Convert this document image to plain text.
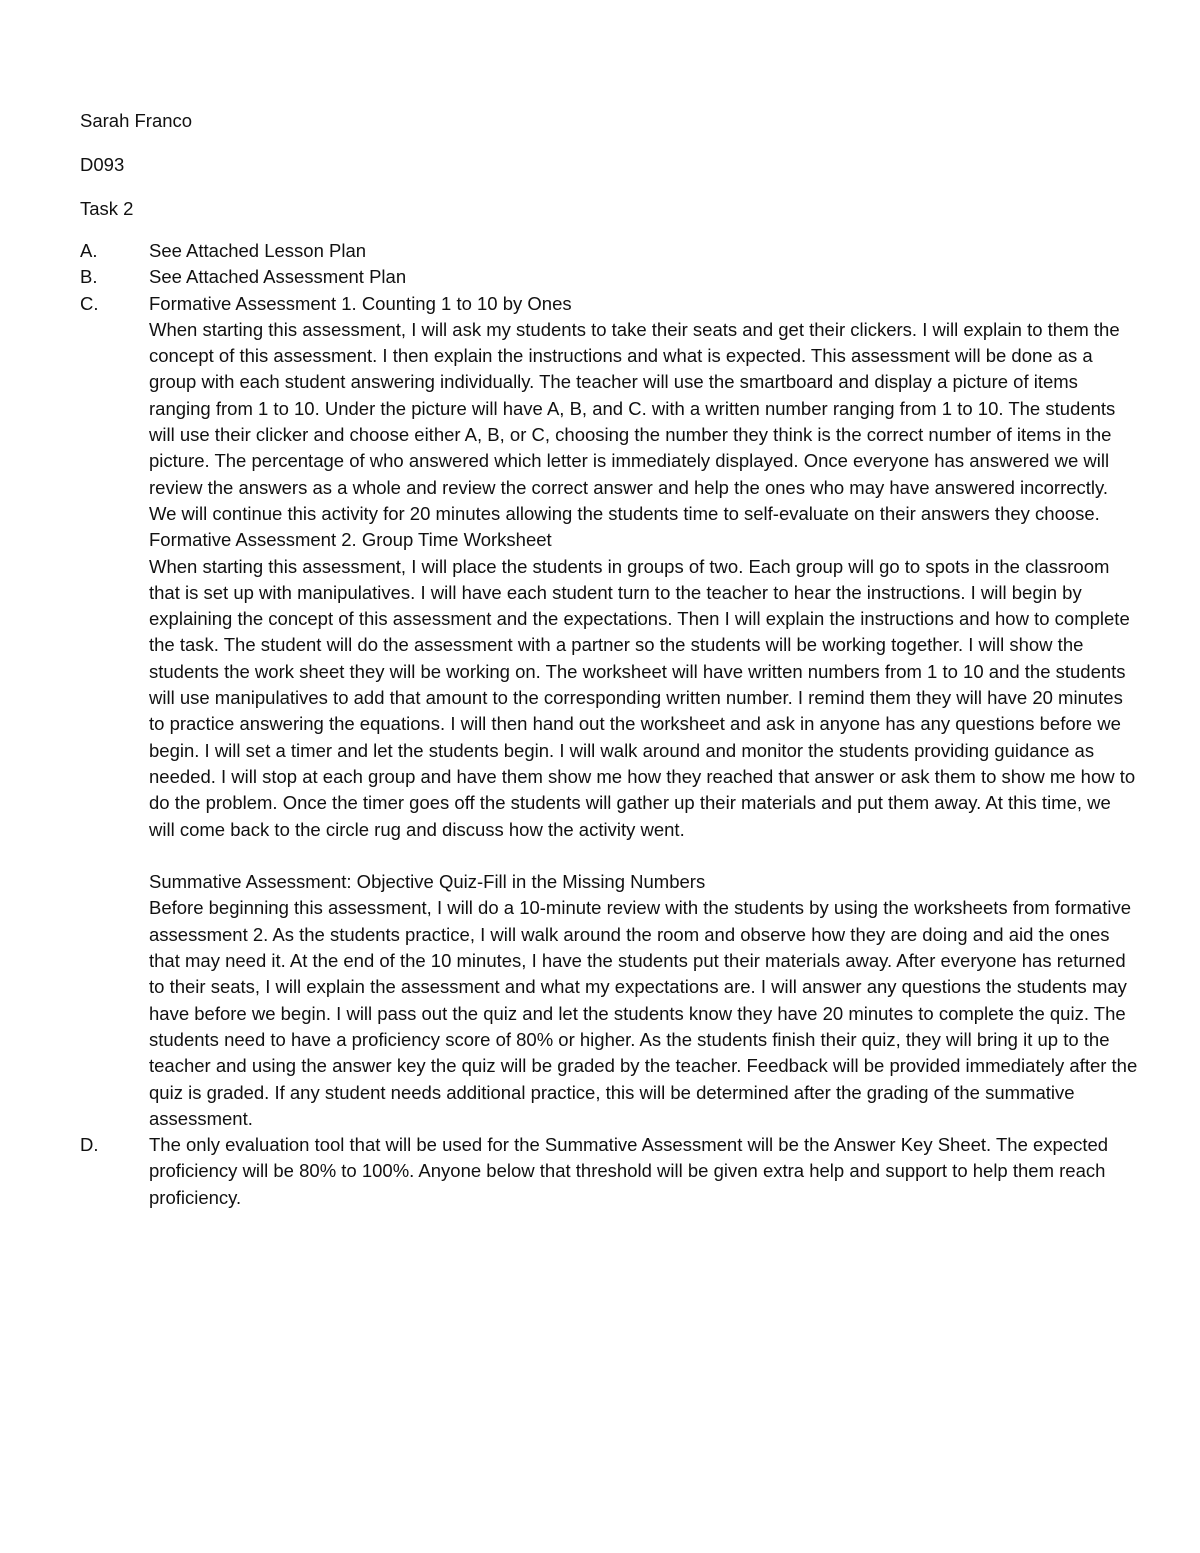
Sarah Franco

D093

Task 2

A.	See Attached Lesson Plan

B.	See Attached Assessment Plan

C.	Formative Assessment 1. Counting 1 to 10 by Ones

When starting this assessment, I will ask my students to take their seats and get their clickers. I will explain to them the concept of this assessment. I then explain the instructions and what is expected. This assessment will be done as a group with each student answering individually. The teacher will use the smartboard and display a picture of items ranging from 1 to 10. Under the picture will have A, B, and C. with a written number ranging from 1 to 10. The students will use their clicker and choose either A, B, or C, choosing the number they think is the correct number of items in the picture. The percentage of who answered which letter is immediately displayed. Once everyone has answered we will review the answers as a whole and review the correct answer and help the ones who may have answered incorrectly. We will continue this activity for 20 minutes allowing the students time to self-evaluate on their answers they choose.

Formative Assessment 2. Group Time Worksheet

When starting this assessment, I will place the students in groups of two. Each group will go to spots in the classroom that is set up with manipulatives. I will have each student turn to the teacher to hear the instructions. I will begin by explaining the concept of this assessment and the expectations. Then I will explain the instructions and how to complete the task. The student will do the assessment with a partner so the students will be working together. I will show the students the work sheet they will be working on. The worksheet will have written numbers from 1 to 10 and the students will use manipulatives to add that amount to the corresponding written number. I remind them they will have 20 minutes to practice answering the equations. I will then hand out the worksheet and ask in anyone has any questions before we begin. I will set a timer and let the students begin. I will walk around and monitor the students providing guidance as needed. I will stop at each group and have them show me how they reached that answer or ask them to show me how to do the problem. Once the timer goes off the students will gather up their materials and put them away. At this time, we will come back to the circle rug and discuss how the activity went.

Summative Assessment: Objective Quiz-Fill in the Missing Numbers

Before beginning this assessment, I will do a 10-minute review with the students by using the worksheets from formative assessment 2. As the students practice, I will walk around the room and observe how they are doing and aid the ones that may need it. At the end of the 10 minutes, I have the students put their materials away. After everyone has returned to their seats, I will explain the assessment and what my expectations are. I will answer any questions the students may have before we begin. I will pass out the quiz and let the students know they have 20 minutes to complete the quiz. The students need to have a proficiency score of 80% or higher. As the students finish their quiz, they will bring it up to the teacher and using the answer key the quiz will be graded by the teacher. Feedback will be provided immediately after the quiz is graded. If any student needs additional practice, this will be determined after the grading of the summative assessment.

D.	The only evaluation tool that will be used for the Summative Assessment will be the Answer Key Sheet. The expected proficiency will be 80% to 100%. Anyone below that threshold will be given extra help and support to help them reach proficiency.
